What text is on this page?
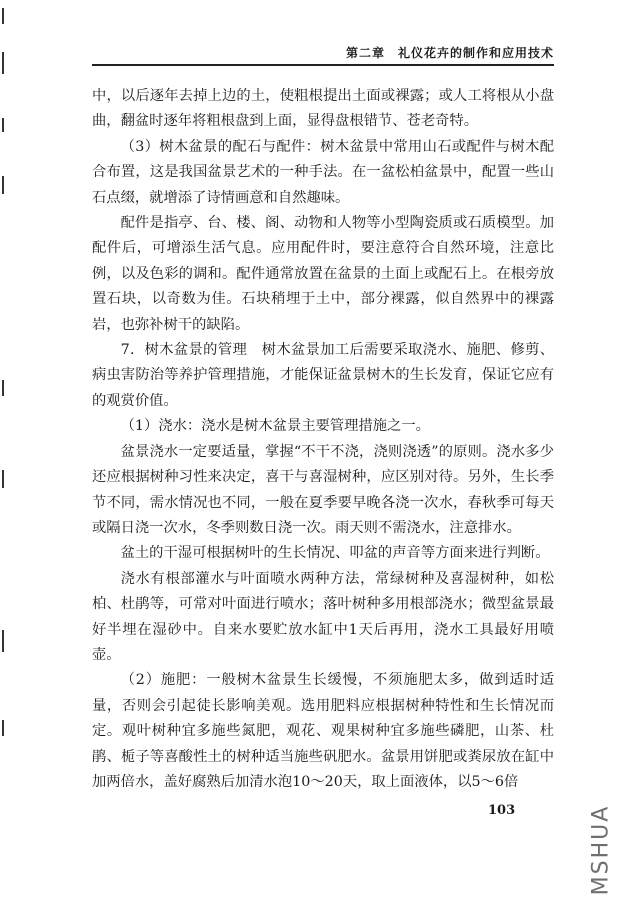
第二章　礼仪花卉的制作和应用技术

中，以后逐年去掉上边的土，使粗根提出土面或裸露；或人工将根从小盘曲，翻盆时逐年将粗根盘到上面，显得盘根错节、苍老奇特。

（3）树木盆景的配石与配件：树木盆景中常用山石或配件与树木配合布置，这是我国盆景艺术的一种手法。在一盆松柏盆景中，配置一些山石点缀，就增添了诗情画意和自然趣味。

配件是指亭、台、楼、阁、动物和人物等小型陶瓷质或石质模型。加配件后，可增添生活气息。应用配件时，要注意符合自然环境，注意比例，以及色彩的调和。配件通常放置在盆景的土面上或配石上。在根旁放置石块，以奇数为佳。石块稍埋于土中，部分裸露，似自然界中的裸露岩，也弥补树干的缺陷。

7．树木盆景的管理　树木盆景加工后需要采取浇水、施肥、修剪、病虫害防治等养护管理措施，才能保证盆景树木的生长发育，保证它应有的观赏价值。

（1）浇水：浇水是树木盆景主要管理措施之一。

盆景浇水一定要适量，掌握“不干不浇，浇则浇透”的原则。浇水多少还应根据树种习性来决定，喜干与喜湿树种，应区别对待。另外，生长季节不同，需水情况也不同，一般在夏季要早晚各浇一次水，春秋季可每天或隔日浇一次水，冬季则数日浇一次。雨天则不需浇水，注意排水。

盆土的干湿可根据树叶的生长情况、叩盆的声音等方面来进行判断。

浇水有根部灌水与叶面喷水两种方法，常绿树种及喜湿树种，如松柏、杜鹃等，可常对叶面进行喷水；落叶树种多用根部浇水；微型盆景最好半埋在湿砂中。自来水要贮放水缸中1天后再用，浇水工具最好用喷壶。

（2）施肥：一般树木盆景生长缓慢，不须施肥太多，做到适时适量，否则会引起徒长影响美观。选用肥料应根据树种特性和生长情况而定。观叶树种宜多施些氮肥，观花、观果树种宜多施些磷肥，山茶、杜鹃、栀子等喜酸性土的树种适当施些矾肥水。盆景用饼肥或粪尿放在缸中加两倍水，盖好腐熟后加清水泡10～20天，取上面液体，以5～6倍

103	MSHUA
